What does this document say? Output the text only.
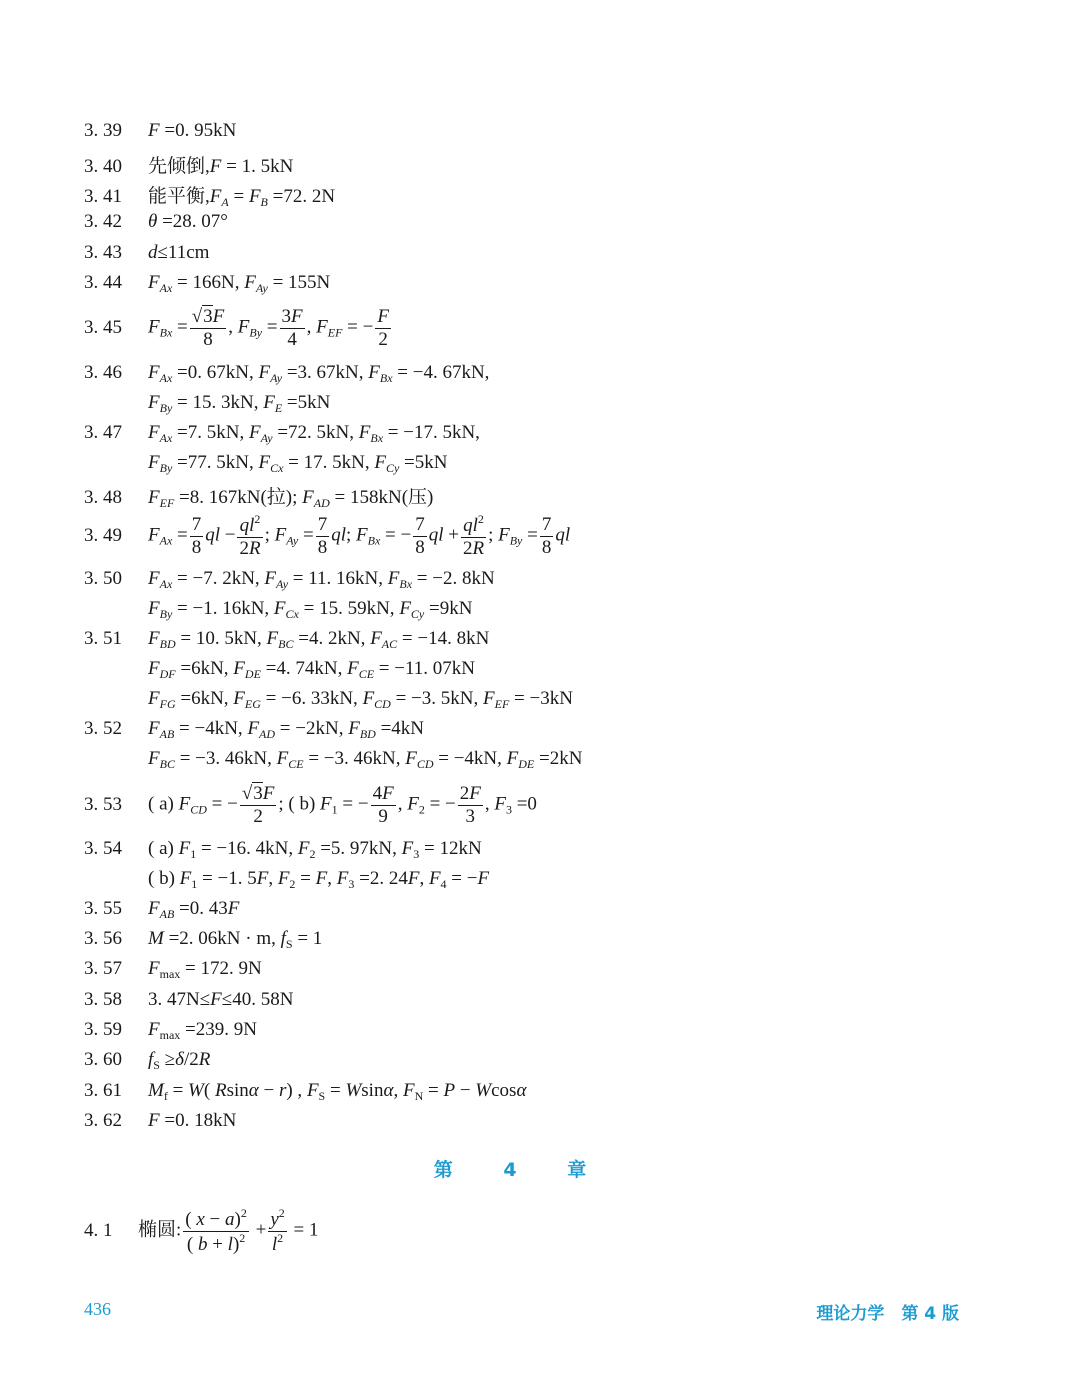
3. 39 F =0. 95kN
3. 40 先倾倒,F = 1. 5kN
3. 41 能平衡$,F_A = F_B =72$. 2N
3. 42 θ =28. 07°
3. 43 d≤11cm
3. 44 $F_{Ax} = 166N$, $F_{Ay} = 155N$
3. 45 $F_{Bx} = \frac{√3F}{8}$ , $F_{By} = \frac{3F}{4}$ , $F_{EF}$ = − $\frac{F}{2}$
3. 46 $F_{Ax} =0$. 67kN, $F_{Ay} =3$. 67kN, $F_{Bx} = -4$. 67kN,
$F_{By} = 15$. 3kN, $F_E =5kN$
3. 47 $F_{Ax} =7$. 5kN, $F_{Ay} =72$. 5kN, $F_{Bx} = -17$. 5kN,
$F_{By} =77$. 5kN, $F_{Cx} = 17$. 5kN, $F_{Cy} =5kN$
3. 48 $F_{EF} =8$. 167kN(拉); $F_{AD} = 158kN$(压)
3. 49 $F_{Ax} = \frac{7}{8}$ ql − $\frac{ql^2}{2R}$ ; $F_{Ay} = \frac{7}{8}$ ql; $F_{Bx}$ = − $\frac{7}{8}$ ql + $\frac{ql^2}{2R}$ ; $F_{By} = \frac{7}{8}$ ql
3. 50 $F_{Ax} = -7$. 2kN, $F_{Ay} = 11$. 16kN, $F_{Bx} = -2$. 8kN
$F_{By} = -1$. 16kN, $F_{Cx} = 15$. 59kN, $F_{Cy} =9kN$
3. 51 $F_{BD} = 10$. 5kN, $F_{BC} =4$. 2kN, $F_{AC} = -14$. 8kN
$F_{DF} =6kN$, $F_{DE} =4$. 74kN, $F_{CE} = -11$. 07kN
$F_{FG} =6kN$, $F_{EG} = -6$. 33kN, $F_{CD} = -3$. 5kN, $F_{EF} = -3kN$
3. 52 $F_{AB} = -4kN$, $F_{AD} = -2kN$, $F_{BD} =4kN$
$F_{BC} = -3$. 46kN, $F_{CE} = -3$. 46kN, $F_{CD} = -4kN$, $F_{DE} =2kN$
3. 53 ( a) $F_{CD}$ = − $\frac{√3F}{2}$ ; ( b) $F_1$ = − $\frac{4F}{9}$ , $F_2$ = − $\frac{2F}{3}$ , $F_3 =0$
3. 54 ( a) $F_1 = -16$. 4kN, $F_2 =5$. 97kN, $F_3 = 12kN$
( b) $F_1 = -1$. 5F, $F_2 = F$, $F_3 =2$. 24F, $F_4 = -F$
3. 55 $F_{AB} =0$. 43F
3. 56 M =2. 06kN · m, $f_S = 1$
3. 57 $F_{max} = 172$. 9N
3. 58 3. 47N≤F≤40. 58N
3. 59 $F_{max} =239$. 9N
3. 60 $f_S \ge\delta/2R$
3. 61 $M_f = W$( Rsinα − r) , $F_S = Wsin\alpha$, $F_N = P - Wcos\alpha$
3. 62 F =0. 18kN
第 4 章
4. 1 椭圆: $\frac{( x - a)^2}{( b + l)^2} + \frac{y^2}{l^2} = 1$
436	理论力学　第 4 版
